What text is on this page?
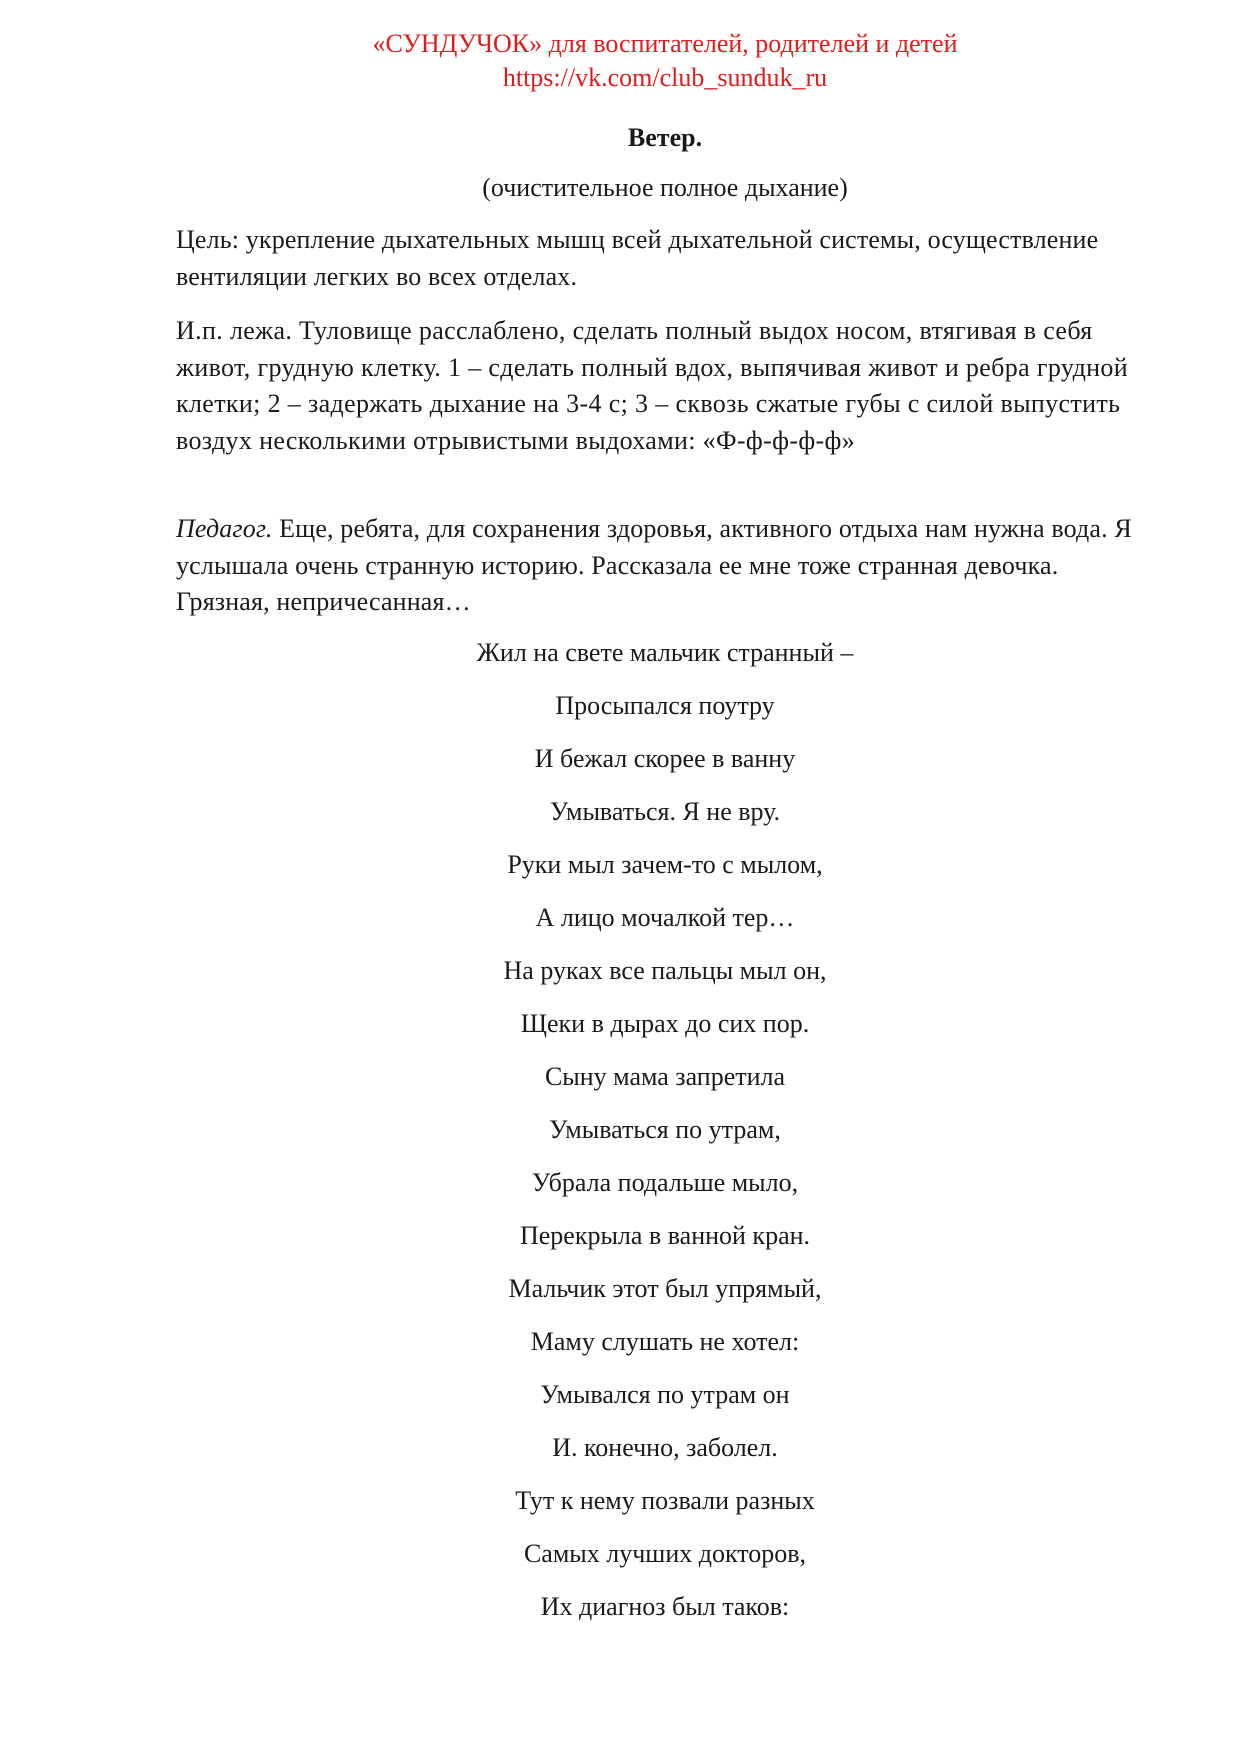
«СУНДУЧОК» для воспитателей, родителей и детей
https://vk.com/club_sunduk_ru
Ветер.
(очистительное полное дыхание)
Цель: укрепление дыхательных мышц всей дыхательной системы, осуществление вентиляции легких во всех отделах.
И.п. лежа. Туловище расслаблено, сделать полный выдох носом, втягивая в себя живот, грудную клетку. 1 – сделать полный вдох, выпячивая живот и ребра грудной клетки; 2 – задержать дыхание на 3-4 с; 3 – сквозь сжатые губы с силой выпустить воздух несколькими отрывистыми выдохами: «Ф-ф-ф-ф-ф»
Педагог. Еще, ребята, для сохранения здоровья, активного отдыха нам нужна вода. Я услышала очень странную историю. Рассказала ее мне тоже странная девочка. Грязная, непричесанная…
Жил на свете мальчик странный –
Просыпался поутру
И бежал скорее в ванну
Умываться. Я не вру.
Руки мыл зачем-то с мылом,
А лицо мочалкой тер…
На руках все пальцы мыл он,
Щеки в дырах до сих пор.
Сыну мама запретила
Умываться по утрам,
Убрала подальше мыло,
Перекрыла в ванной кран.
Мальчик этот был упрямый,
Маму слушать не хотел:
Умывался по утрам он
И. конечно, заболел.
Тут к нему позвали разных
Самых лучших докторов,
Их диагноз был таков:
